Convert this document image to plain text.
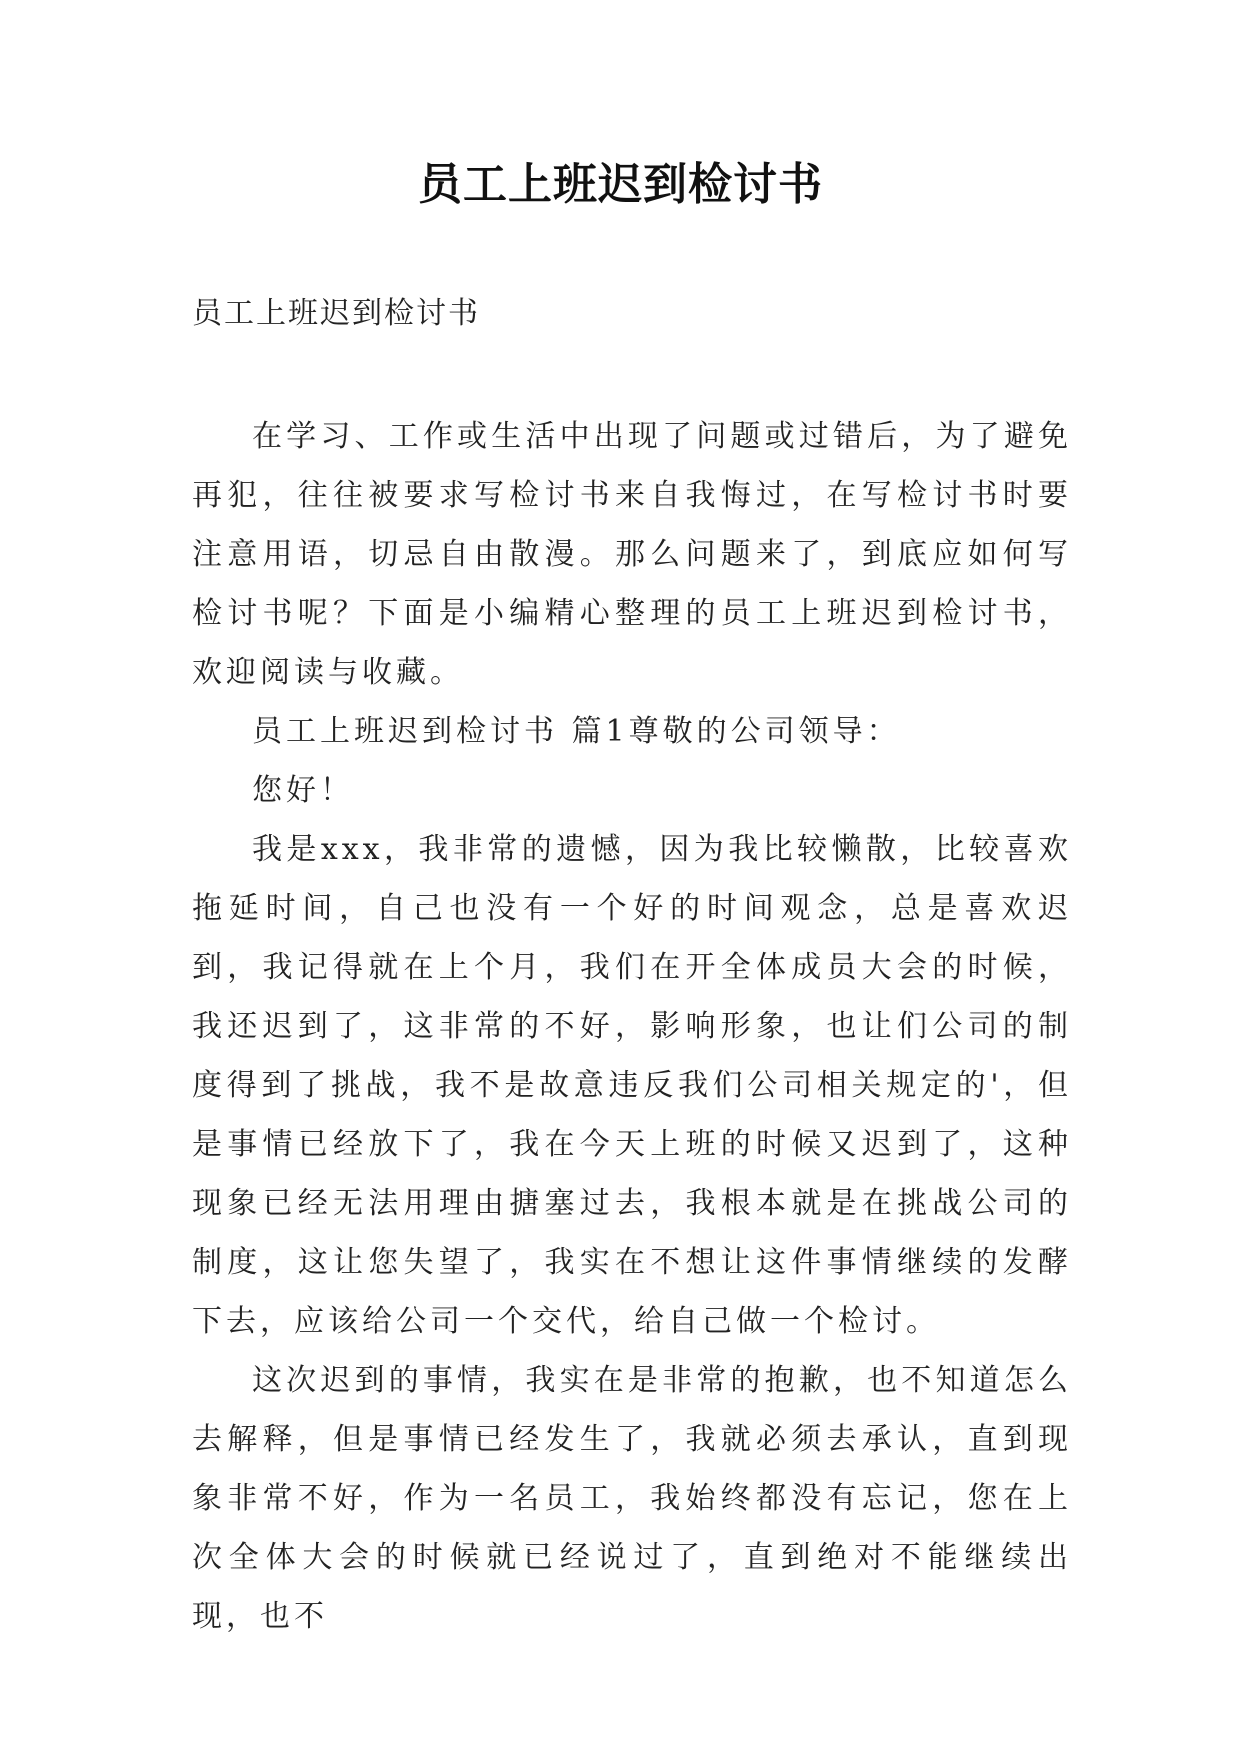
员工上班迟到检讨书
员工上班迟到检讨书

在学习、工作或生活中出现了问题或过错后，为了避免再犯，往往被要求写检讨书来自我悔过，在写检讨书时要注意用语，切忌自由散漫。那么问题来了，到底应如何写检讨书呢？下面是小编精心整理的员工上班迟到检讨书，欢迎阅读与收藏。

员工上班迟到检讨书 篇1尊敬的公司领导：

您好！

我是xxx，我非常的遗憾，因为我比较懒散，比较喜欢拖延时间，自己也没有一个好的时间观念，总是喜欢迟到，我记得就在上个月，我们在开全体成员大会的时候，我还迟到了，这非常的不好，影响形象，也让们公司的制度得到了挑战，我不是故意违反我们公司相关规定的'，但是事情已经放下了，我在今天上班的时候又迟到了，这种现象已经无法用理由搪塞过去，我根本就是在挑战公司的制度，这让您失望了，我实在不想让这件事情继续的发酵下去，应该给公司一个交代，给自己做一个检讨。

这次迟到的事情，我实在是非常的抱歉，也不知道怎么去解释，但是事情已经发生了，我就必须去承认，直到现象非常不好，作为一名员工，我始终都没有忘记，您在上次全体大会的时候就已经说过了，直到绝对不能继续出现，也不
